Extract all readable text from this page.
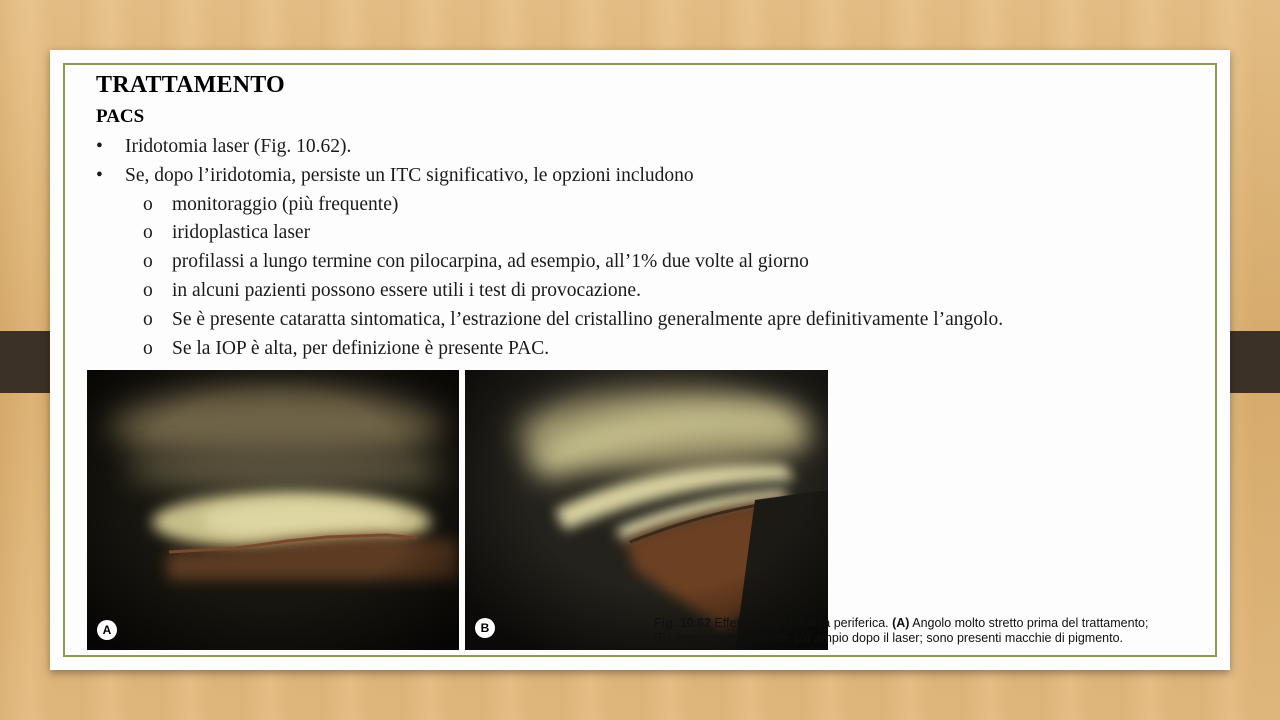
TRATTAMENTO
PACS
• Iridotomia laser (Fig. 10.62).
• Se, dopo l’iridotomia, persiste un ITC significativo, le opzioni includono
o monitoraggio (più frequente)
o iridoplastica laser
o profilassi a lungo termine con pilocarpina, ad esempio, all’1% due volte al giorno
o in alcuni pazienti possono essere utili i test di provocazione.
o Se è presente cataratta sintomatica, l’estrazione del cristallino generalmente apre definitivamente l’angolo.
o Se la IOP è alta, per definizione è presente PAC.
A	B	Fig. 10.62 Effetto dell’iridotomia periferica. (A) Angolo molto stretto prima del trattamento;
(B) angolo notevolmente più ampio dopo il laser; sono presenti macchie di pigmento.
